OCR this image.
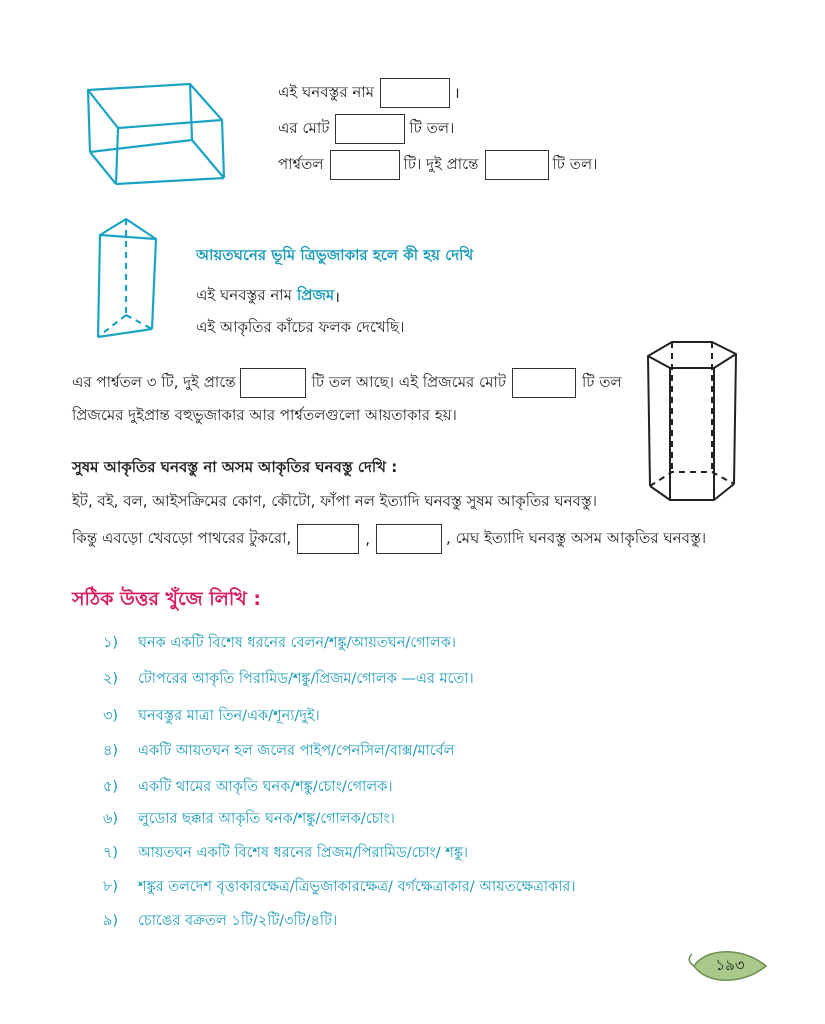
এই ঘনবস্তুর নাম	।
এর মোট	টি তল।
পার্শ্বতল	টি। দুই প্রান্তে	টি তল।
আয়তঘনের ভূমি ত্রিভুজাকার হলে কী হয় দেখি
এই ঘনবস্তুর নাম প্রিজম ।
এই আকৃতির কাঁচের ফলক দেখেছি।
এর পার্শ্বতল ৩ টি, দুই প্রান্তে	টি তল আছে। এই প্রিজমের মোট	টি তল
প্রিজমের দুইপ্রান্ত বহুভুজাকার আর পার্শ্বতলগুলো আয়তাকার হয়।
সুষম আকৃতির ঘনবস্তু না অসম আকৃতির ঘনবস্তু দেখি :
ইট, বই, বল, আইসক্রিমের কোণ, কৌটো, ফাঁপা নল ইত্যাদি ঘনবস্তু সুষম আকৃতির ঘনবস্তু।
কিন্তু এবড়ো খেবড়ো পাথরের টুকরো,	,	, মেঘ ইত্যাদি ঘনবস্তু অসম আকৃতির ঘনবস্তু।
সঠিক উত্তর খুঁজে লিখি :
১) ঘনক একটি বিশেষ ধরনের বেলন/শঙ্কু/আয়তঘন/গোলক।
২) টোপরের আকৃতি পিরামিড/শঙ্কু/প্রিজম/গোলক —এর মতো।
৩) ঘনবস্তুর মাত্রা তিন/এক/শূন্য/দুই।
৪) একটি আয়তঘন হল জলের পাইপ/পেনসিল/বাক্স/মার্বেল
৫) একটি থামের আকৃতি ঘনক/শঙ্কু/চোং/গোলক।
৬) লুডোর ছক্কার আকৃতি ঘনক/শঙ্কু/গোলক/চোং।
৭) আয়তঘন একটি বিশেষ ধরনের প্রিজম/পিরামিড/চোং/ শঙ্কু।
৮) শঙ্কুর তলদেশ বৃত্তাকারক্ষেত্র/ত্রিভুজাকারক্ষেত্র/ বর্গক্ষেত্রাকার/ আয়তক্ষেত্রাকার।
৯) চোঙের বক্রতল ১টি/২টি/৩টি/৪টি।
১৯৩
